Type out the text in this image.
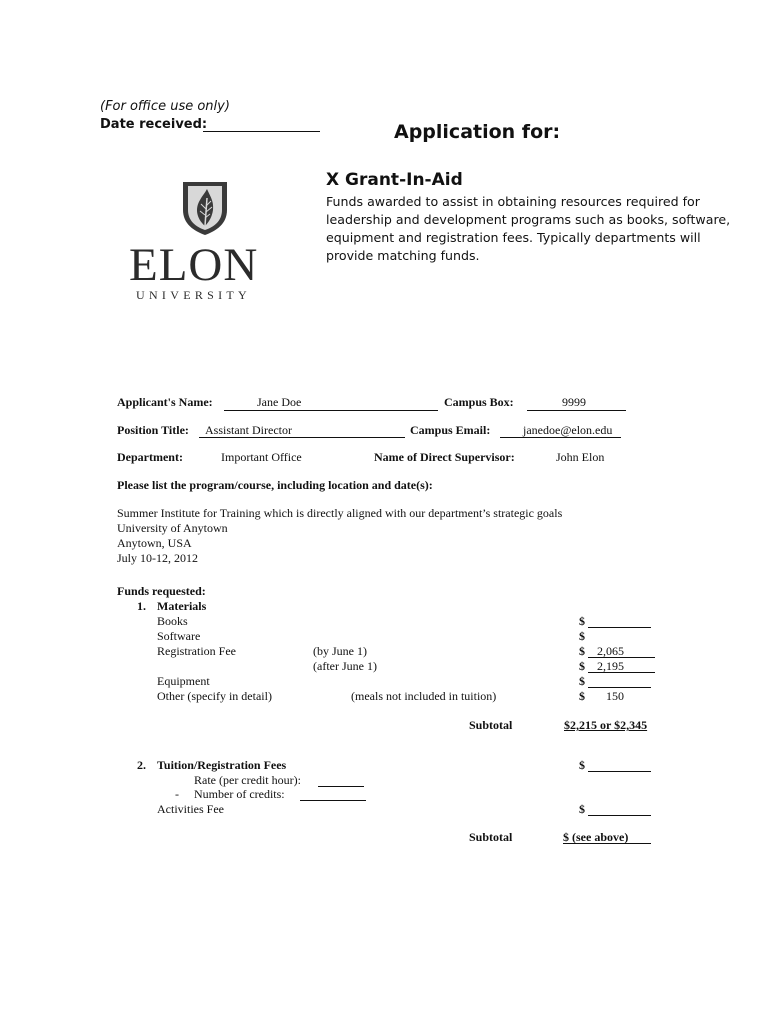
(For office use only)
Date received:	Application for:
ELON
UNIVERSITY
X Grant-In-Aid
Funds awarded to assist in obtaining resources required for leadership and development programs such as books, software, equipment and registration fees. Typically departments will provide matching funds.
Applicant's Name:	Jane Doe	Campus Box:	9999
Position Title: Assistant Director	Campus Email:	janedoe@elon.edu
Department:	Important Office	Name of Direct Supervisor:	John Elon
Please list the program/course, including location and date(s):
Summer Institute for Training which is directly aligned with our department’s strategic goals
University of Anytown
Anytown, USA
July 10-12, 2012
Funds requested:
1. Materials
Books	$
Software	$
Registration Fee	(by June 1)	$ 2,065
(after June 1)	$ 2,195
Equipment	$
Other (specify in detail)	(meals not included in tuition)	$ 150
Subtotal	$2,215 or $2,345
2. Tuition/Registration Fees	$
Rate (per credit hour):
- Number of credits:
Activities Fee	$
Subtotal	$ (see above)
